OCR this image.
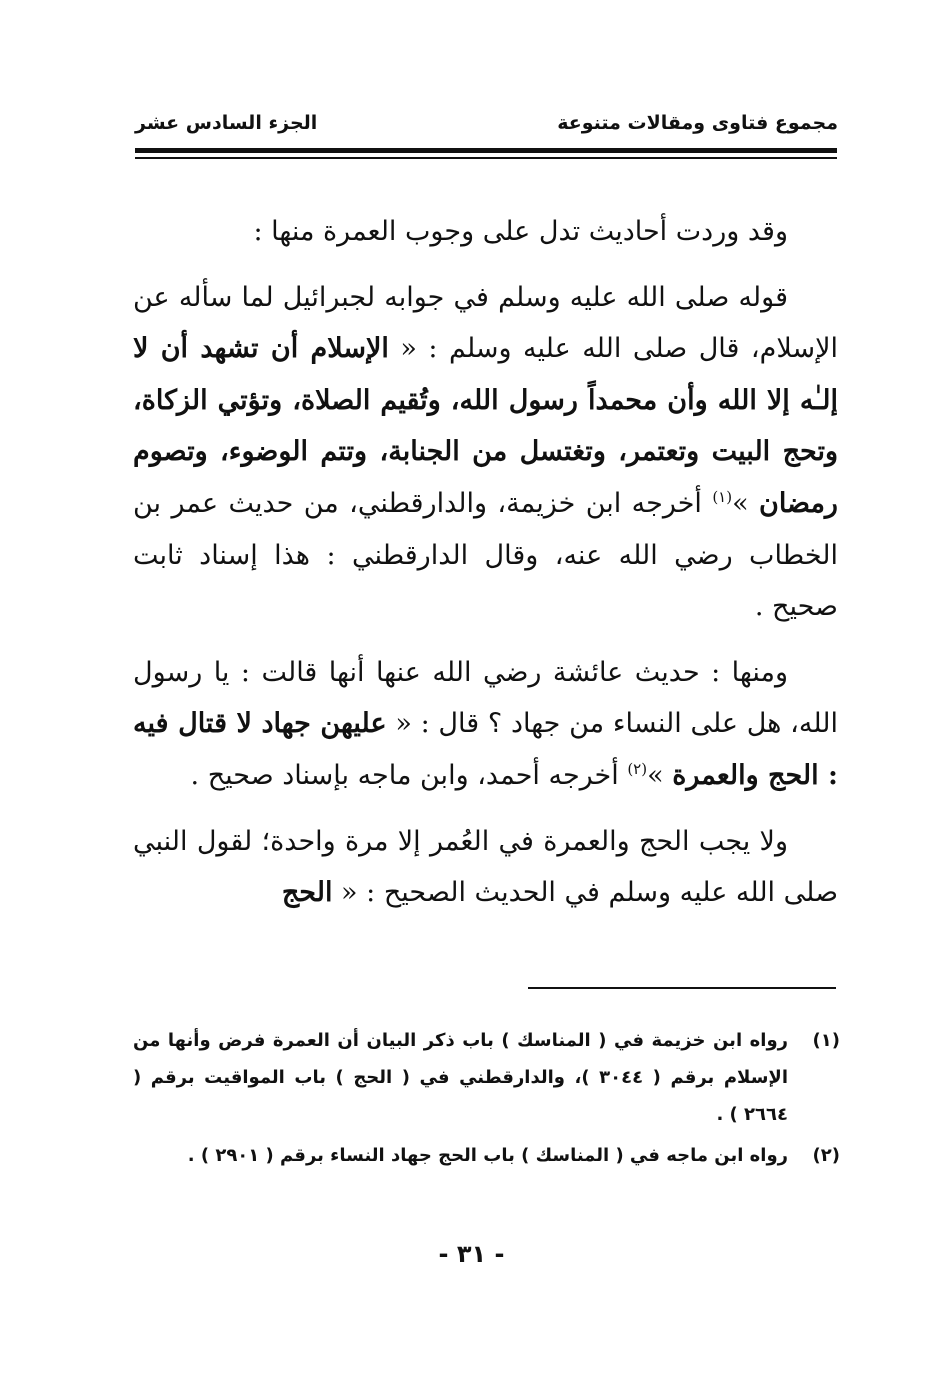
مجموع فتاوى ومقالات متنوعة
الجزء السادس عشر

وقد وردت أحاديث تدل على وجوب العمرة منها :

قوله صلى الله عليه وسلم في جوابه لجبرائيل لما سأله عن الإسلام، قال صلى الله عليه وسلم : « الإسلام أن تشهد أن لا إلـٰه إلا الله وأن محمداً رسول الله، وتُقيم الصلاة، وتؤتي الزكاة، وتحج البيت وتعتمر، وتغتسل من الجنابة، وتتم الوضوء، وتصوم رمضان »$^{(١)}$ أخرجه ابن خزيمة، والدارقطني، من حديث عمر بن الخطاب رضي الله عنه، وقال الدارقطني : هذا إسناد ثابت صحيح .

ومنها : حديث عائشة رضي الله عنها أنها قالت : يا رسول الله، هل على النساء من جهاد ؟ قال : « عليهن جهاد لا قتال فيه : الحج والعمرة »$^{(٢)}$ أخرجه أحمد، وابن ماجه بإسناد صحيح .

ولا يجب الحج والعمرة في العُمر إلا مرة واحدة؛ لقول النبي صلى الله عليه وسلم في الحديث الصحيح : « الحج

(١)
رواه ابن خزيمة في ( المناسك ) باب ذكر البيان أن العمرة فرض وأنها من الإسلام برقم ( ٣٠٤٤ )، والدارقطني في ( الحج ) باب المواقيت برقم ( ٢٦٦٤ ) .

(٢)
رواه ابن ماجه في ( المناسك ) باب الحج جهاد النساء برقم ( ٢٩٠١ ) .

- ٣١ -
